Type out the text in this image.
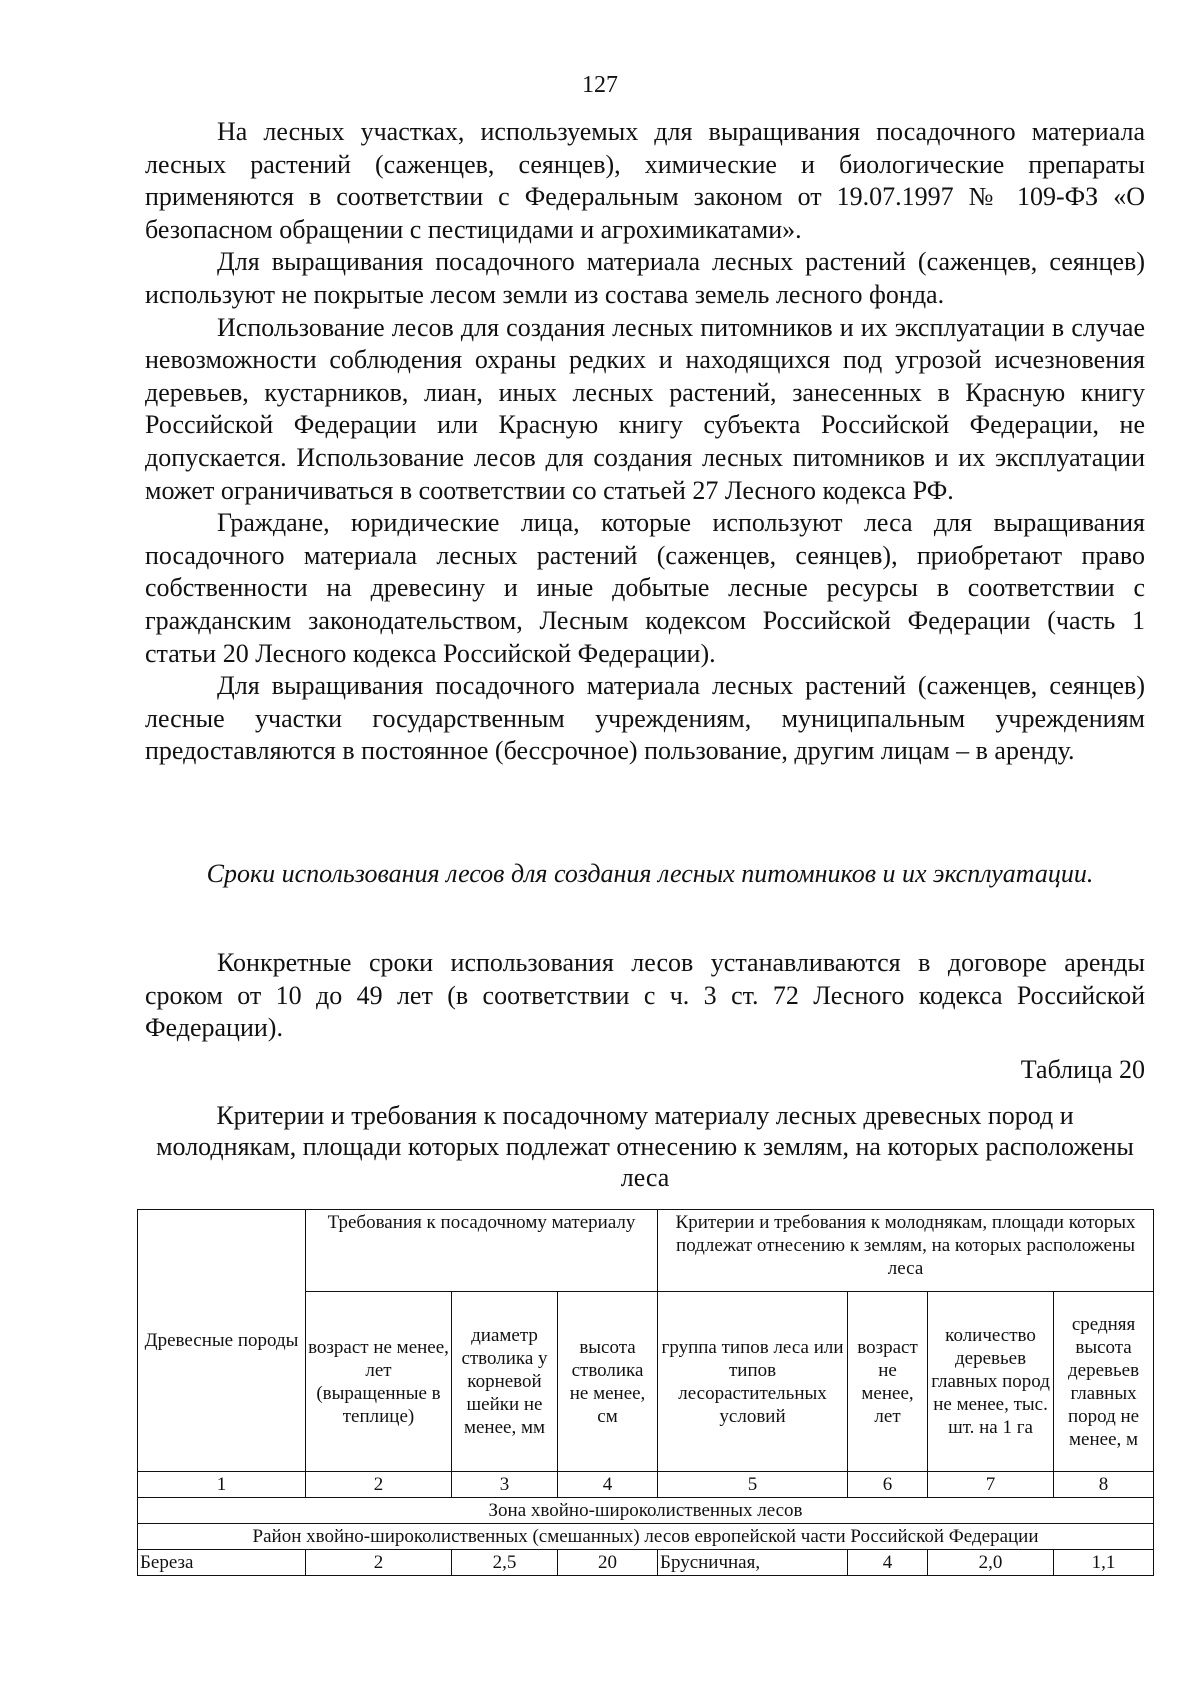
127

На лесных участках, используемых для выращивания посадочного материала лесных растений (саженцев, сеянцев), химические и биологические препараты применяются в соответствии с Федеральным законом от 19.07.1997 № 109-ФЗ «О безопасном обращении с пестицидами и агрохимикатами».

Для выращивания посадочного материала лесных растений (саженцев, сеянцев) используют не покрытые лесом земли из состава земель лесного фонда.

Использование лесов для создания лесных питомников и их эксплуатации в случае невозможности соблюдения охраны редких и находящихся под угрозой исчезновения деревьев, кустарников, лиан, иных лесных растений, занесенных в Красную книгу Российской Федерации или Красную книгу субъекта Российской Федерации, не допускается. Использование лесов для создания лесных питомников и их эксплуатации может ограничиваться в соответствии со статьей 27 Лесного кодекса РФ.

Граждане, юридические лица, которые используют леса для выращивания посадочного материала лесных растений (саженцев, сеянцев), приобретают право собственности на древесину и иные добытые лесные ресурсы в соответствии с гражданским законодательством, Лесным кодексом Российской Федерации (часть 1 статьи 20 Лесного кодекса Российской Федерации).

Для выращивания посадочного материала лесных растений (саженцев, сеянцев) лесные участки государственным учреждениям, муниципальным учреждениям предоставляются в постоянное (бессрочное) пользование, другим лицам – в аренду.

Сроки использования лесов для создания лесных питомников и их эксплуатации.

Конкретные сроки использования лесов устанавливаются в договоре аренды сроком от 10 до 49 лет (в соответствии с ч. 3 ст. 72 Лесного кодекса Российской Федерации).

Таблица 20
Критерии и требования к посадочному материалу лесных древесных пород и молоднякам, площади которых подлежат отнесению к землям, на которых расположены леса
Древесные породы	Требования к посадочному материалу			Критерии и требования к молоднякам, площади которых подлежат отнесению к землям, на которых расположены леса			
	возраст не менее, лет (выращенные в теплице)	диаметр стволика у корневой шейки не менее, мм	высота стволика не менее, см	группа типов леса или типов лесорастительных условий	возраст не менее, лет	количество деревьев главных пород не менее, тыс. шт. на 1 га	средняя высота деревьев главных пород не менее, м
1	2	3	4	5	6	7	8
Зона хвойно-широколиственных лесов							
Район хвойно-широколиственных (смешанных) лесов европейской части Российской Федерации							
Береза	2	2,5	20	Брусничная,	4	2,0	1,1
